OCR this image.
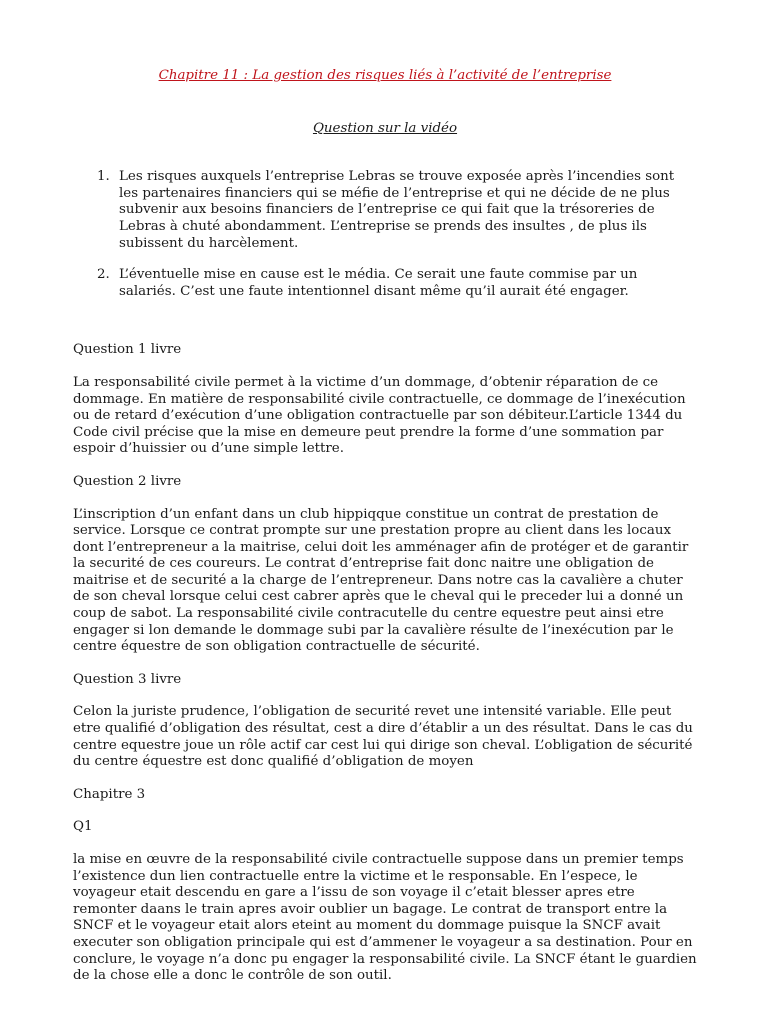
Chapitre 11 : La gestion des risques liés à l’activité de l’entreprise

Question sur la vidéo

1. Les risques auxquels l’entreprise Lebras se trouve exposée après l’incendies sont les partenaires financiers qui se méfie de l’entreprise et qui ne décide de ne plus subvenir aux besoins financiers de l’entreprise ce qui fait que la trésoreries de Lebras à chuté abondamment. L’entreprise se prends des insultes , de plus ils subissent du harcèlement.
2. L’éventuelle mise en cause est le média. Ce serait une faute commise par un salariés. C’est une faute intentionnel disant même qu’il aurait été engager.

Question 1 livre

La responsabilité civile permet à la victime d’un dommage, d’obtenir réparation de ce dommage. En matière de responsabilité civile contractuelle, ce dommage de l’inexécution ou de retard d’exécution d’une obligation contractuelle par son débiteur.L’article 1344 du Code civil précise que la mise en demeure peut prendre la forme d’une sommation par espoir d’huissier ou d’une simple lettre.

Question 2 livre

L’inscription d’un enfant dans un club hippiqque constitue un contrat de prestation de service. Lorsque ce contrat prompte sur une prestation propre au client dans les locaux dont l’entrepreneur a la maitrise, celui doit les amménager afin de protéger et de garantir la securité de ces coureurs. Le contrat d’entreprise fait donc naitre une obligation de maitrise et de securité a la charge de l’entrepreneur. Dans notre cas la cavalière a chuter de son cheval lorsque celui cest cabrer après que le cheval qui le preceder lui a donné un coup de sabot. La responsabilité civile contracutelle du centre equestre peut ainsi etre engager si lon demande le dommage subi par la cavalière résulte de l’inexécution par le centre équestre de son obligation contractuelle de sécurité.

Question 3 livre

Celon la juriste prudence, l’obligation de securité revet une intensité variable. Elle peut etre qualifié d’obligation des résultat, cest a dire d’établir a un des résultat. Dans le cas du centre equestre joue un rôle actif car cest lui qui dirige son cheval. L’obligation de sécurité du centre équestre est donc qualifié d’obligation de moyen

Chapitre 3

Q1

la mise en œuvre de la responsabilité civile contractuelle suppose dans un premier temps l’existence dun lien contractuelle entre la victime et le responsable. En l’espece, le voyageur etait descendu en gare a l’issu de son voyage il c’etait blesser apres etre remonter daans le train apres avoir oublier un bagage. Le contrat de transport entre la SNCF et le voyageur etait alors eteint au moment du dommage puisque la SNCF avait executer son obligation principale qui est d’ammener le voyageur a sa destination. Pour en conclure, le voyage n’a donc pu engager la responsabilité civile. La SNCF étant le guardien de la chose elle a donc le contrôle de son outil.
